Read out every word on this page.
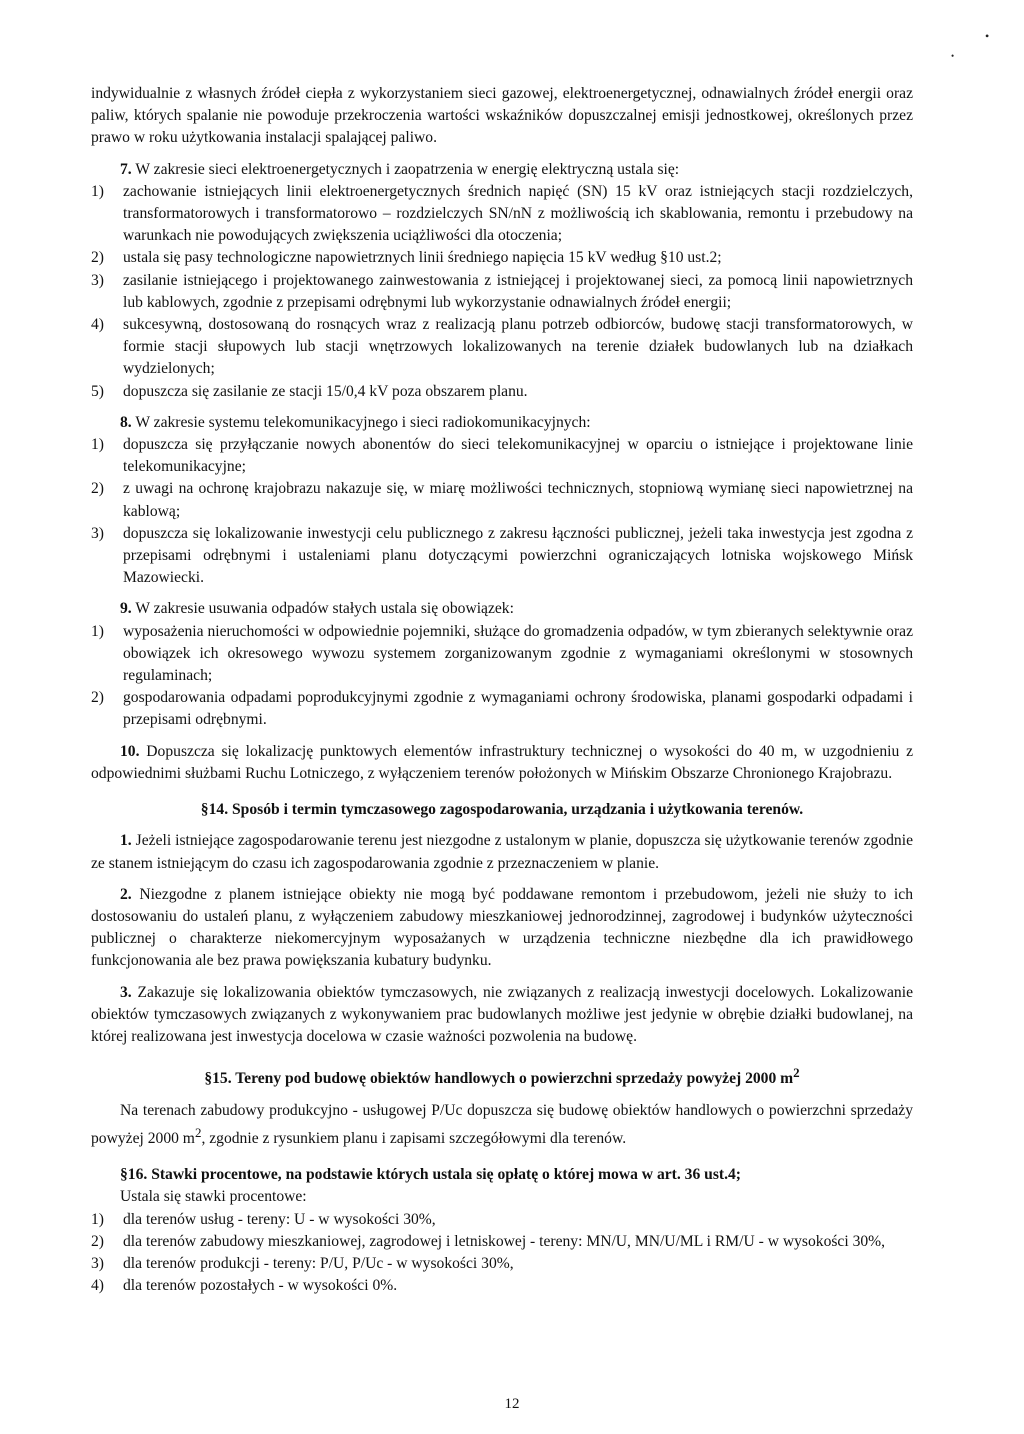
•
•

indywidualnie z własnych źródeł ciepła z wykorzystaniem sieci gazowej, elektroenergetycznej, odnawialnych źródeł energii oraz paliw, których spalanie nie powoduje przekroczenia wartości wskaźników dopuszczalnej emisji jednostkowej, określonych przez prawo w roku użytkowania instalacji spalającej paliwo.

7. W zakresie sieci elektroenergetycznych i zaopatrzenia w energię elektryczną ustala się:

1) zachowanie istniejących linii elektroenergetycznych średnich napięć (SN) 15 kV oraz istniejących stacji rozdzielczych, transformatorowych i transformatorowo – rozdzielczych SN/nN z możliwością ich skablowania, remontu i przebudowy na warunkach nie powodujących zwiększenia uciążliwości dla otoczenia;
2) ustala się pasy technologiczne napowietrznych linii średniego napięcia 15 kV według §10 ust.2;
3) zasilanie istniejącego i projektowanego zainwestowania z istniejącej i projektowanej sieci, za pomocą linii napowietrznych lub kablowych, zgodnie z przepisami odrębnymi lub wykorzystanie odnawialnych źródeł energii;
4) sukcesywną, dostosowaną do rosnących wraz z realizacją planu potrzeb odbiorców, budowę stacji transformatorowych, w formie stacji słupowych lub stacji wnętrzowych lokalizowanych na terenie działek budowlanych lub na działkach wydzielonych;
5) dopuszcza się zasilanie ze stacji 15/0,4 kV poza obszarem planu.

8. W zakresie systemu telekomunikacyjnego i sieci radiokomunikacyjnych:

1) dopuszcza się przyłączanie nowych abonentów do sieci telekomunikacyjnej w oparciu o istniejące i projektowane linie telekomunikacyjne;
2) z uwagi na ochronę krajobrazu nakazuje się, w miarę możliwości technicznych, stopniową wymianę sieci napowietrznej na kablową;
3) dopuszcza się lokalizowanie inwestycji celu publicznego z zakresu łączności publicznej, jeżeli taka inwestycja jest zgodna z przepisami odrębnymi i ustaleniami planu dotyczącymi powierzchni ograniczających lotniska wojskowego Mińsk Mazowiecki.

9. W zakresie usuwania odpadów stałych ustala się obowiązek:

1) wyposażenia nieruchomości w odpowiednie pojemniki, służące do gromadzenia odpadów, w tym zbieranych selektywnie oraz obowiązek ich okresowego wywozu systemem zorganizowanym zgodnie z wymaganiami określonymi w stosownych regulaminach;
2) gospodarowania odpadami poprodukcyjnymi zgodnie z wymaganiami ochrony środowiska, planami gospodarki odpadami i przepisami odrębnymi.

10. Dopuszcza się lokalizację punktowych elementów infrastruktury technicznej o wysokości do 40 m, w uzgodnieniu z odpowiednimi służbami Ruchu Lotniczego, z wyłączeniem terenów położonych w Mińskim Obszarze Chronionego Krajobrazu.

§14. Sposób i termin tymczasowego zagospodarowania, urządzania i użytkowania terenów.

1. Jeżeli istniejące zagospodarowanie terenu jest niezgodne z ustalonym w planie, dopuszcza się użytkowanie terenów zgodnie ze stanem istniejącym do czasu ich zagospodarowania zgodnie z przeznaczeniem w planie.

2. Niezgodne z planem istniejące obiekty nie mogą być poddawane remontom i przebudowom, jeżeli nie służy to ich dostosowaniu do ustaleń planu, z wyłączeniem zabudowy mieszkaniowej jednorodzinnej, zagrodowej i budynków użyteczności publicznej o charakterze niekomercyjnym wyposażanych w urządzenia techniczne niezbędne dla ich prawidłowego funkcjonowania ale bez prawa powiększania kubatury budynku.

3. Zakazuje się lokalizowania obiektów tymczasowych, nie związanych z realizacją inwestycji docelowych. Lokalizowanie obiektów tymczasowych związanych z wykonywaniem prac budowlanych możliwe jest jedynie w obrębie działki budowlanej, na której realizowana jest inwestycja docelowa w czasie ważności pozwolenia na budowę.

§15. Tereny pod budowę obiektów handlowych o powierzchni sprzedaży powyżej 2000 $m^2$

Na terenach zabudowy produkcyjno - usługowej P/Uc dopuszcza się budowę obiektów handlowych o powierzchni sprzedaży powyżej 2000 $m^2$, zgodnie z rysunkiem planu i zapisami szczegółowymi dla terenów.

§16. Stawki procentowe, na podstawie których ustala się opłatę o której mowa w art. 36 ust.4;

Ustala się stawki procentowe:

1) dla terenów usług - tereny: U - w wysokości 30%,
2) dla terenów zabudowy mieszkaniowej, zagrodowej i letniskowej - tereny: MN/U, MN/U/ML i RM/U - w wysokości 30%,
3) dla terenów produkcji - tereny: P/U, P/Uc - w wysokości 30%,
4) dla terenów pozostałych - w wysokości 0%.
12
